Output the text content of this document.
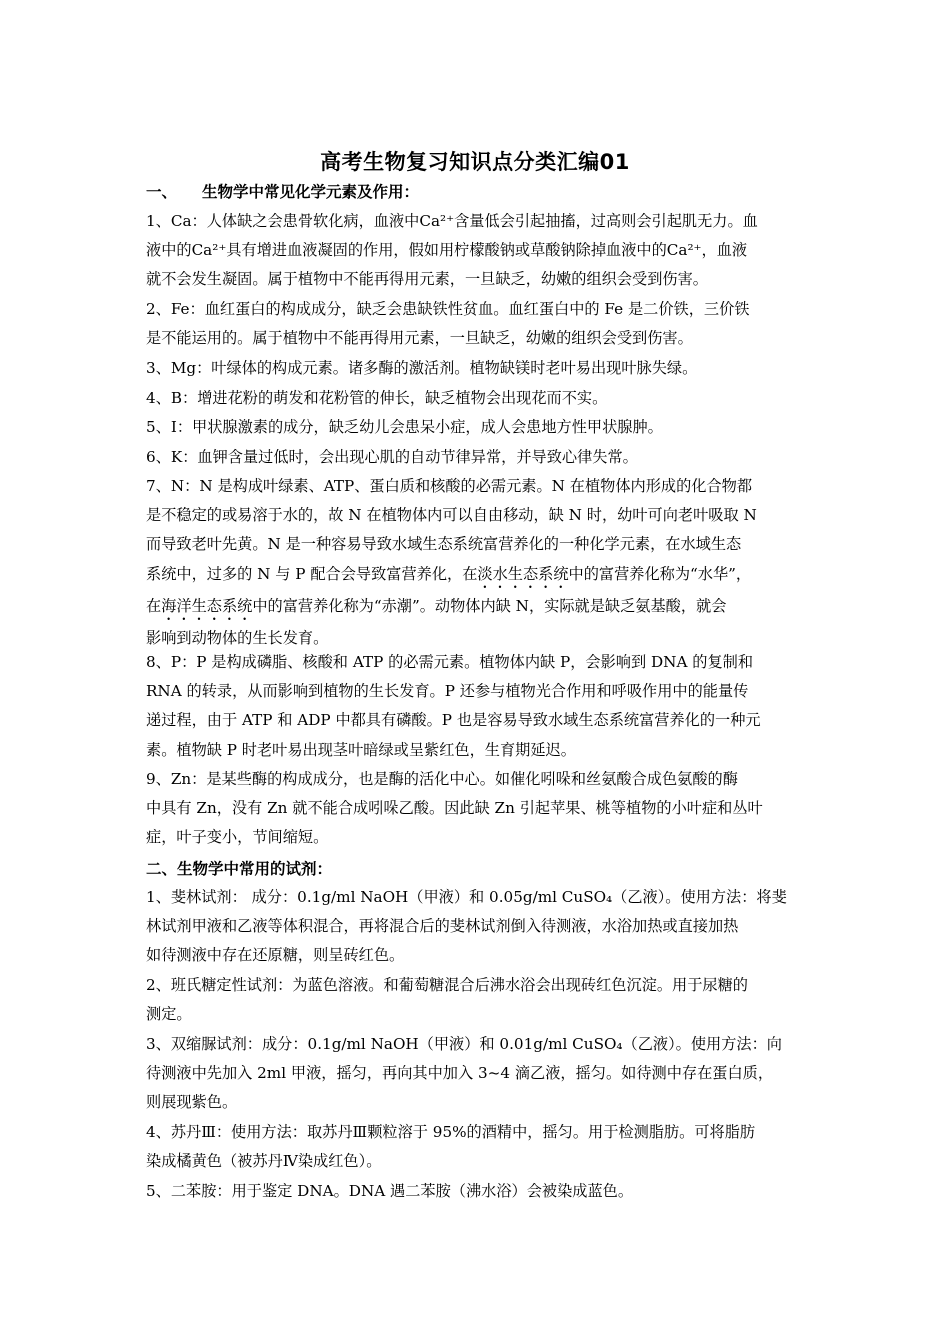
高考生物复习知识点分类汇编01
一、 生物学中常见化学元素及作用：
1、Ca：人体缺之会患骨软化病，血液中Ca²⁺含量低会引起抽搐，过高则会引起肌无力。血
液中的Ca²⁺具有增进血液凝固的作用，假如用柠檬酸钠或草酸钠除掉血液中的Ca²⁺，血液
就不会发生凝固。属于植物中不能再得用元素，一旦缺乏，幼嫩的组织会受到伤害。
2、Fe：血红蛋白的构成成分，缺乏会患缺铁性贫血。血红蛋白中的 Fe 是二价铁，三价铁
是不能运用的。属于植物中不能再得用元素，一旦缺乏，幼嫩的组织会受到伤害。
3、Mg：叶绿体的构成元素。诸多酶的激活剂。植物缺镁时老叶易出现叶脉失绿。
4、B：增进花粉的萌发和花粉管的伸长，缺乏植物会出现花而不实。
5、I：甲状腺激素的成分，缺乏幼儿会患呆小症，成人会患地方性甲状腺肿。
6、K：血钾含量过低时，会出现心肌的自动节律异常，并导致心律失常。
7、N：N 是构成叶绿素、ATP、蛋白质和核酸的必需元素。N 在植物体内形成的化合物都
是不稳定的或易溶于水的，故 N 在植物体内可以自由移动，缺 N 时，幼叶可向老叶吸取 N
而导致老叶先黄。N 是一种容易导致水域生态系统富营养化的一种化学元素，在水域生态
系统中，过多的 N 与 P 配合会导致富营养化，在淡水生态系统中的富营养化称为“水华”，
在海洋生态系统中的富营养化称为“赤潮”。动物体内缺 N，实际就是缺乏氨基酸，就会
影响到动物体的生长发育。
8、P：P 是构成磷脂、核酸和 ATP 的必需元素。植物体内缺 P，会影响到 DNA 的复制和
RNA 的转录，从而影响到植物的生长发育。P 还参与植物光合作用和呼吸作用中的能量传
递过程，由于 ATP 和 ADP 中都具有磷酸。P 也是容易导致水域生态系统富营养化的一种元
素。植物缺 P 时老叶易出现茎叶暗绿或呈紫红色，生育期延迟。
9、Zn：是某些酶的构成成分，也是酶的活化中心。如催化吲哚和丝氨酸合成色氨酸的酶
中具有 Zn，没有 Zn 就不能合成吲哚乙酸。因此缺 Zn 引起苹果、桃等植物的小叶症和丛叶
症，叶子变小，节间缩短。
二、生物学中常用的试剂：
1、斐林试剂： 成分：0.1g/ml NaOH（甲液）和 0.05g/ml CuSO₄（乙液）。使用方法：将斐
林试剂甲液和乙液等体积混合，再将混合后的斐林试剂倒入待测液，水浴加热或直接加热
如待测液中存在还原糖，则呈砖红色。
2、班氏糖定性试剂：为蓝色溶液。和葡萄糖混合后沸水浴会出现砖红色沉淀。用于尿糖的
测定。
3、双缩脲试剂：成分：0.1g/ml NaOH（甲液）和 0.01g/ml CuSO₄（乙液）。使用方法：向
待测液中先加入 2ml 甲液，摇匀，再向其中加入 3~4 滴乙液，摇匀。如待测中存在蛋白质，
则展现紫色。
4、苏丹Ⅲ：使用方法：取苏丹Ⅲ颗粒溶于 95%的酒精中，摇匀。用于检测脂肪。可将脂肪
染成橘黄色（被苏丹Ⅳ染成红色）。
5、二苯胺：用于鉴定 DNA。DNA 遇二苯胺（沸水浴）会被染成蓝色。
